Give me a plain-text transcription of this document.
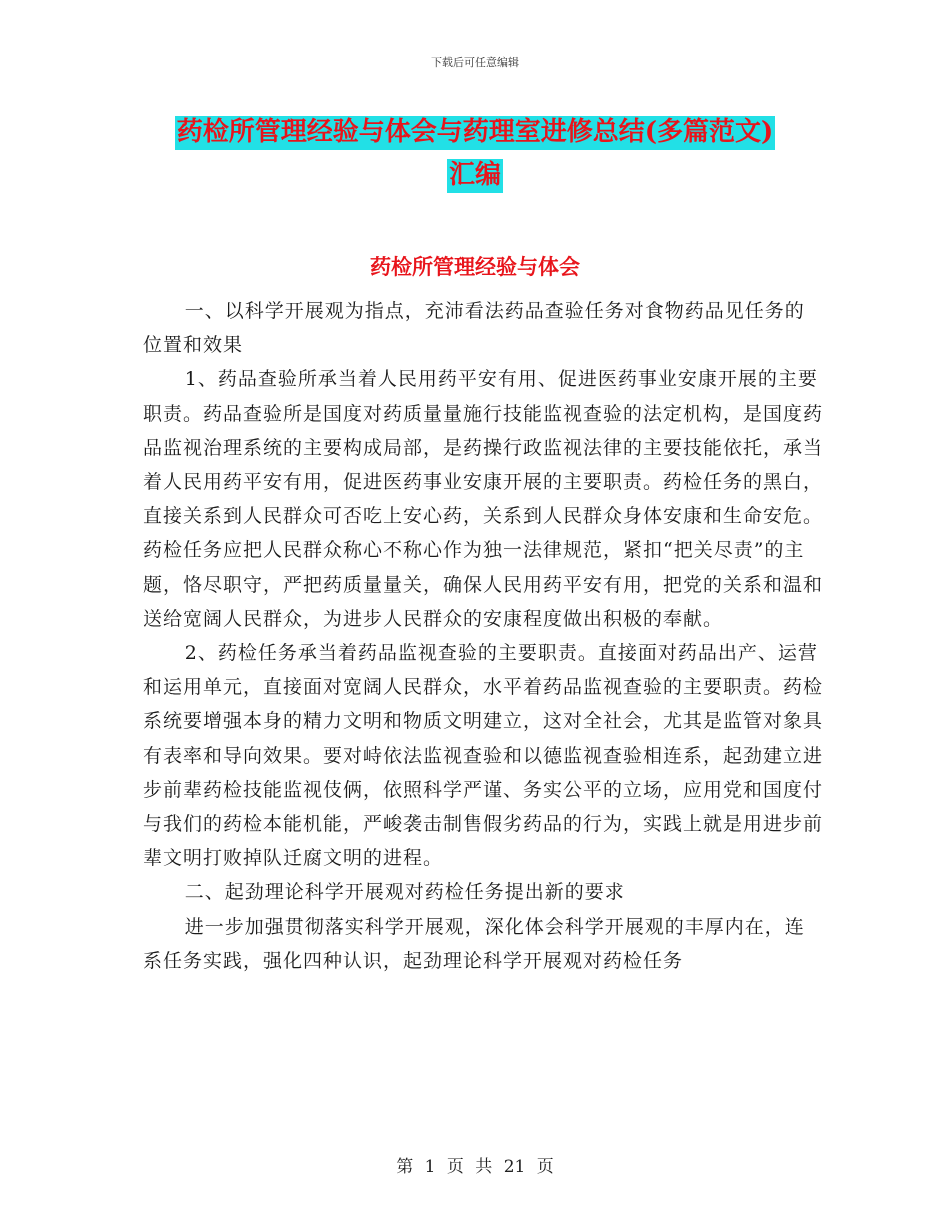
下载后可任意编辑
药检所管理经验与体会与药理室进修总结(多篇范文)
汇编
药检所管理经验与体会

一、以科学开展观为指点，充沛看法药品查验任务对食物药品见任务的位置和效果

1、药品查验所承当着人民用药平安有用、促进医药事业安康开展的主要职责。药品查验所是国度对药质量量施行技能监视查验的法定机构，是国度药品监视治理系统的主要构成局部，是药操行政监视法律的主要技能依托，承当着人民用药平安有用，促进医药事业安康开展的主要职责。药检任务的黑白，直接关系到人民群众可否吃上安心药，关系到人民群众身体安康和生命安危。药检任务应把人民群众称心不称心作为独一法律规范，紧扣“把关尽责”的主题，恪尽职守，严把药质量量关，确保人民用药平安有用，把党的关系和温和送给宽阔人民群众，为进步人民群众的安康程度做出积极的奉献。

2、药检任务承当着药品监视查验的主要职责。直接面对药品出产、运营和运用单元，直接面对宽阔人民群众，水平着药品监视查验的主要职责。药检系统要增强本身的精力文明和物质文明建立，这对全社会，尤其是监管对象具有表率和导向效果。要对峙依法监视查验和以德监视查验相连系，起劲建立进步前辈药检技能监视伎俩，依照科学严谨、务实公平的立场，应用党和国度付与我们的药检本能机能，严峻袭击制售假劣药品的行为，实践上就是用进步前辈文明打败掉队迁腐文明的进程。

二、起劲理论科学开展观对药检任务提出新的要求

进一步加强贯彻落实科学开展观，深化体会科学开展观的丰厚内在，连系任务实践，强化四种认识，起劲理论科学开展观对药检任务

第 1 页 共 21 页
